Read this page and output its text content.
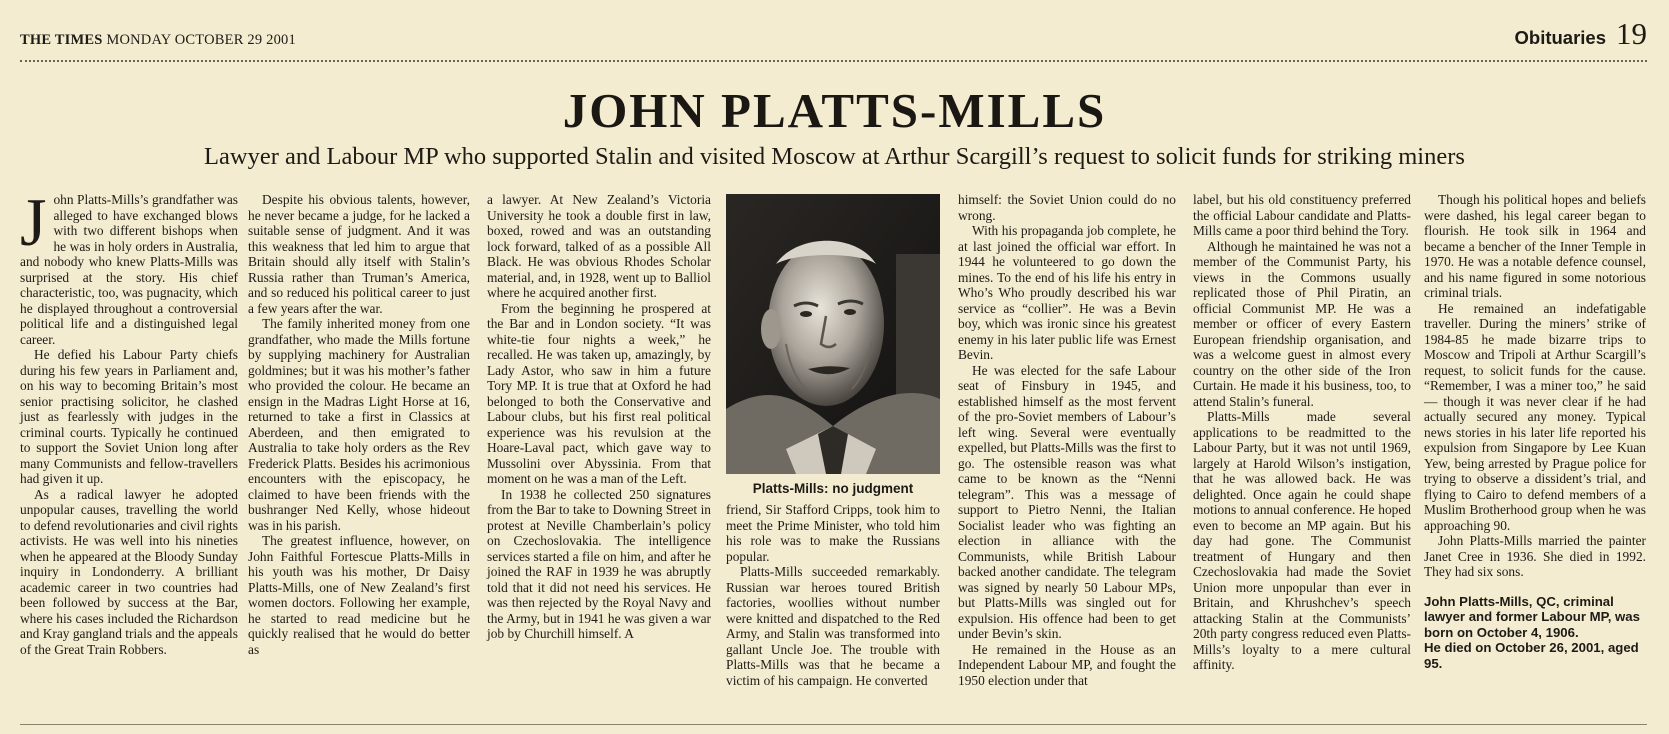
THE TIMES MONDAY OCTOBER 29 2001	Obituaries 19
JOHN PLATTS-MILLS
Lawyer and Labour MP who supported Stalin and visited Moscow at Arthur Scargill’s request to solicit funds for striking miners

John Platts-Mills’s grandfather was alleged to have exchanged blows with two different bishops when he was in holy orders in Australia, and nobody who knew Platts-Mills was surprised at the story. His chief characteristic, too, was pugnacity, which he displayed throughout a controversial political life and a distinguished legal career.

He defied his Labour Party chiefs during his few years in Parliament and, on his way to becoming Britain’s most senior practising solicitor, he clashed just as fearlessly with judges in the criminal courts. Typically he continued to support the Soviet Union long after many Communists and fellow-travellers had given it up.

As a radical lawyer he adopted unpopular causes, travelling the world to defend revolutionaries and civil rights activists. He was well into his nineties when he appeared at the Bloody Sunday inquiry in Londonderry. A brilliant academic career in two countries had been followed by success at the Bar, where his cases included the Richardson and Kray gangland trials and the appeals of the Great Train Robbers.

Despite his obvious talents, however, he never became a judge, for he lacked a suitable sense of judgment. And it was this weakness that led him to argue that Britain should ally itself with Stalin’s Russia rather than Truman’s America, and so reduced his political career to just a few years after the war.

The family inherited money from one grandfather, who made the Mills fortune by supplying machinery for Australian goldmines; but it was his mother’s father who provided the colour. He became an ensign in the Madras Light Horse at 16, returned to take a first in Classics at Aberdeen, and then emigrated to Australia to take holy orders as the Rev Frederick Platts. Besides his acrimonious encounters with the episcopacy, he claimed to have been friends with the bushranger Ned Kelly, whose hideout was in his parish.

The greatest influence, however, on John Faithful Fortescue Platts-Mills in his youth was his mother, Dr Daisy Platts-Mills, one of New Zealand’s first women doctors. Following her example, he started to read medicine but he quickly realised that he would do better as

a lawyer. At New Zealand’s Victoria University he took a double first in law, boxed, rowed and was an outstanding lock forward, talked of as a possible All Black. He was obvious Rhodes Scholar material, and, in 1928, went up to Balliol where he acquired another first.

From the beginning he prospered at the Bar and in London society. “It was white-tie four nights a week,” he recalled. He was taken up, amazingly, by Lady Astor, who saw in him a future Tory MP. It is true that at Oxford he had belonged to both the Conservative and Labour clubs, but his first real political experience was his revulsion at the Hoare-Laval pact, which gave way to Mussolini over Abyssinia. From that moment on he was a man of the Left.

In 1938 he collected 250 signatures from the Bar to take to Downing Street in protest at Neville Chamberlain’s policy on Czechoslovakia. The intelligence services started a file on him, and after he joined the RAF in 1939 he was abruptly told that it did not need his services. He was then rejected by the Royal Navy and the Army, but in 1941 he was given a war job by Churchill himself. A

Platts-Mills: no judgment

friend, Sir Stafford Cripps, took him to meet the Prime Minister, who told him his role was to make the Russians popular.

Platts-Mills succeeded remarkably. Russian war heroes toured British factories, woollies without number were knitted and dispatched to the Red Army, and Stalin was transformed into gallant Uncle Joe. The trouble with Platts-Mills was that he became a victim of his campaign. He converted

himself: the Soviet Union could do no wrong.

With his propaganda job complete, he at last joined the official war effort. In 1944 he volunteered to go down the mines. To the end of his life his entry in Who’s Who proudly described his war service as “collier”. He was a Bevin boy, which was ironic since his greatest enemy in his later public life was Ernest Bevin.

He was elected for the safe Labour seat of Finsbury in 1945, and established himself as the most fervent of the pro-Soviet members of Labour’s left wing. Several were eventually expelled, but Platts-Mills was the first to go. The ostensible reason was what came to be known as the “Nenni telegram”. This was a message of support to Pietro Nenni, the Italian Socialist leader who was fighting an election in alliance with the Communists, while British Labour backed another candidate. The telegram was signed by nearly 50 Labour MPs, but Platts-Mills was singled out for expulsion. His offence had been to get under Bevin’s skin.

He remained in the House as an Independent Labour MP, and fought the 1950 election under that

label, but his old constituency preferred the official Labour candidate and Platts-Mills came a poor third behind the Tory.

Although he maintained he was not a member of the Communist Party, his views in the Commons usually replicated those of Phil Piratin, an official Communist MP. He was a member or officer of every Eastern European friendship organisation, and was a welcome guest in almost every country on the other side of the Iron Curtain. He made it his business, too, to attend Stalin’s funeral.

Platts-Mills made several applications to be readmitted to the Labour Party, but it was not until 1969, largely at Harold Wilson’s instigation, that he was allowed back. He was delighted. Once again he could shape motions to annual conference. He hoped even to become an MP again. But his day had gone. The Communist treatment of Hungary and then Czechoslovakia had made the Soviet Union more unpopular than ever in Britain, and Khrushchev’s speech attacking Stalin at the Communists’ 20th party congress reduced even Platts-Mills’s loyalty to a mere cultural affinity.

Though his political hopes and beliefs were dashed, his legal career began to flourish. He took silk in 1964 and became a bencher of the Inner Temple in 1970. He was a notable defence counsel, and his name figured in some notorious criminal trials.

He remained an indefatigable traveller. During the miners’ strike of 1984-85 he made bizarre trips to Moscow and Tripoli at Arthur Scargill’s request, to solicit funds for the cause. “Remember, I was a miner too,” he said — though it was never clear if he had actually secured any money. Typical news stories in his later life reported his expulsion from Singapore by Lee Kuan Yew, being arrested by Prague police for trying to observe a dissident’s trial, and flying to Cairo to defend members of a Muslim Brotherhood group when he was approaching 90.

John Platts-Mills married the painter Janet Cree in 1936. She died in 1992. They had six sons.

John Platts-Mills, QC, criminal lawyer and former Labour MP, was born on October 4, 1906.

He died on October 26, 2001, aged 95.
